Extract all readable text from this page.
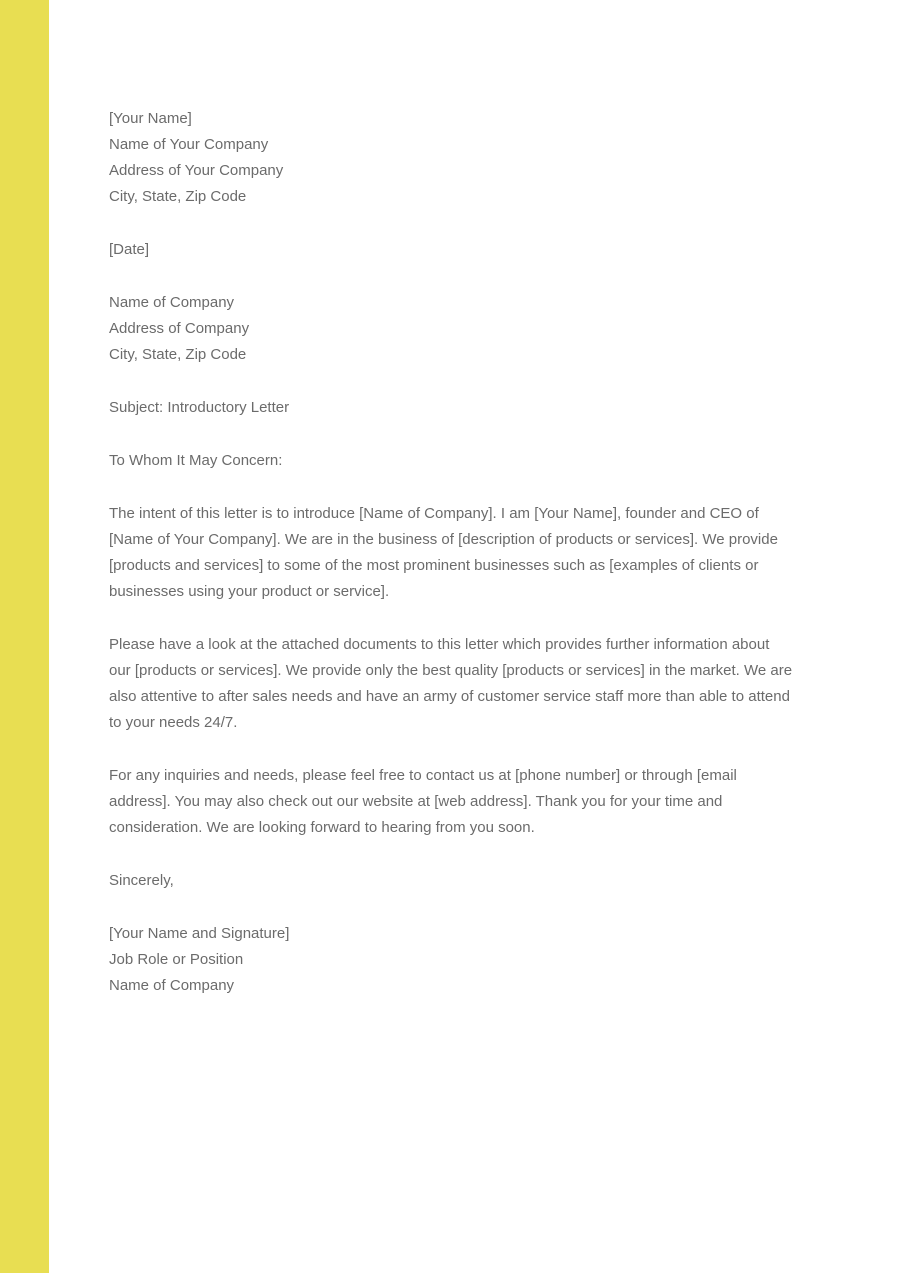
[Your Name]
Name of Your Company
Address of Your Company
City, State, Zip Code
[Date]
Name of Company
Address of Company
City, State, Zip Code
Subject: Introductory Letter
To Whom It May Concern:
The intent of this letter is to introduce [Name of Company]. I am [Your Name], founder and CEO of [Name of Your Company]. We are in the business of [description of products or services]. We provide [products and services] to some of the most prominent businesses such as [examples of clients or businesses using your product or service].
Please have a look at the attached documents to this letter which provides further information about our [products or services]. We provide only the best quality [products or services] in the market. We are also attentive to after sales needs and have an army of customer service staff more than able to attend to your needs 24/7.
For any inquiries and needs, please feel free to contact us at [phone number] or through [email address]. You may also check out our website at [web address]. Thank you for your time and consideration. We are looking forward to hearing from you soon.
Sincerely,
[Your Name and Signature]
Job Role or Position
Name of Company
